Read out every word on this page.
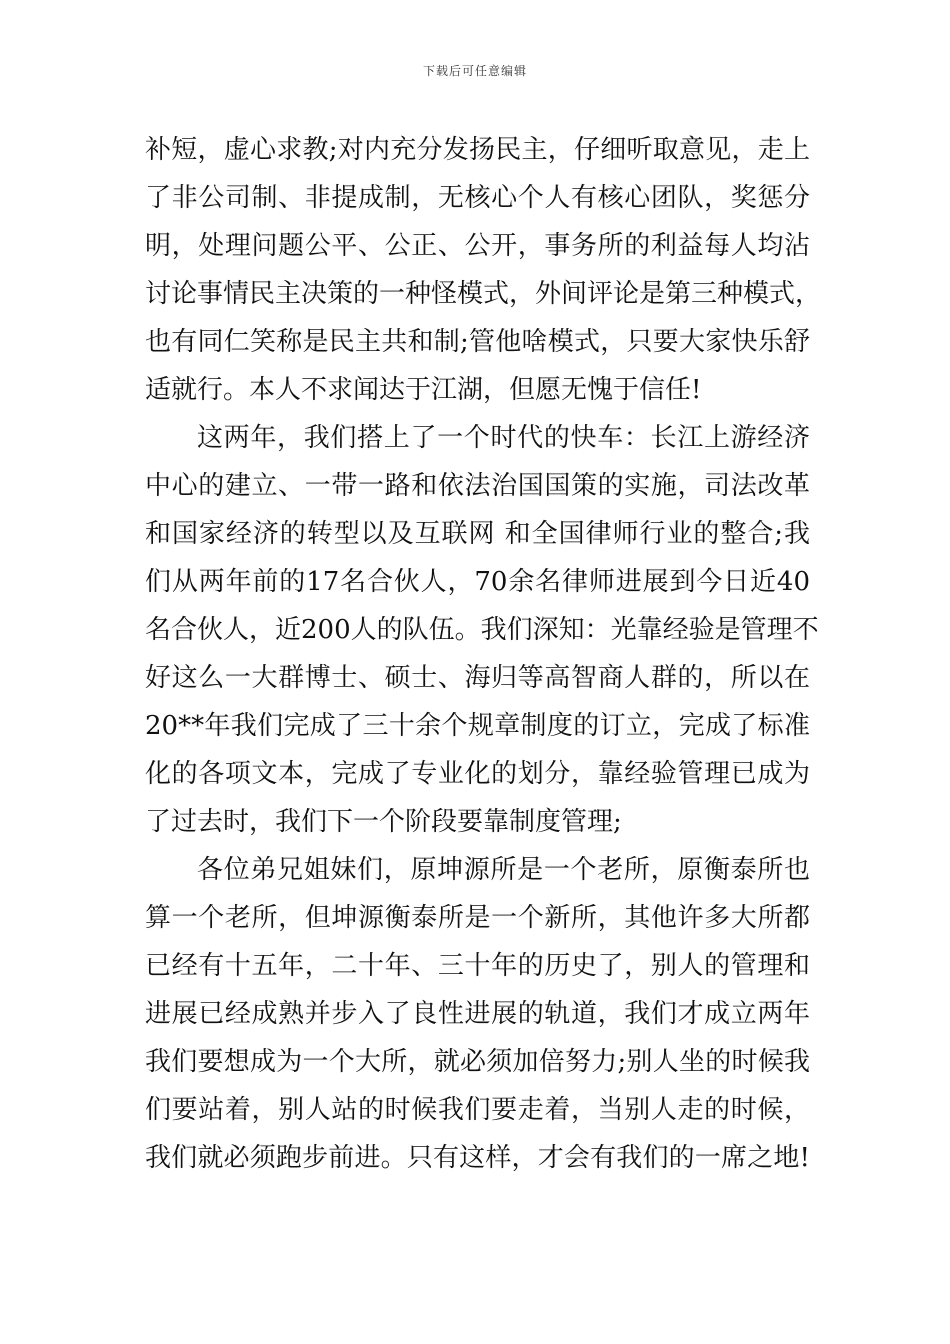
下载后可任意编辑
补短，虚心求教;对内充分发扬民主，仔细听取意见，走上
了非公司制、非提成制，无核心个人有核心团队，奖惩分
明，处理问题公平、公正、公开，事务所的利益每人均沾
讨论事情民主决策的一种怪模式，外间评论是第三种模式，
也有同仁笑称是民主共和制;管他啥模式，只要大家快乐舒
适就行。本人不求闻达于江湖，但愿无愧于信任!
这两年，我们搭上了一个时代的快车：长江上游经济
中心的建立、一带一路和依法治国国策的实施，司法改革
和国家经济的转型以及互联网 和全国律师行业的整合;我
们从两年前的17名合伙人，70余名律师进展到今日近40
名合伙人，近200人的队伍。我们深知：光靠经验是管理不
好这么一大群博士、硕士、海归等高智商人群的，所以在
20**年我们完成了三十余个规章制度的订立，完成了标准
化的各项文本，完成了专业化的划分，靠经验管理已成为
了过去时，我们下一个阶段要靠制度管理;
各位弟兄姐妹们，原坤源所是一个老所，原衡泰所也
算一个老所，但坤源衡泰所是一个新所，其他许多大所都
已经有十五年，二十年、三十年的历史了，别人的管理和
进展已经成熟并步入了良性进展的轨道，我们才成立两年
我们要想成为一个大所，就必须加倍努力;别人坐的时候我
们要站着，别人站的时候我们要走着，当别人走的时候，
我们就必须跑步前进。只有这样，才会有我们的一席之地!
